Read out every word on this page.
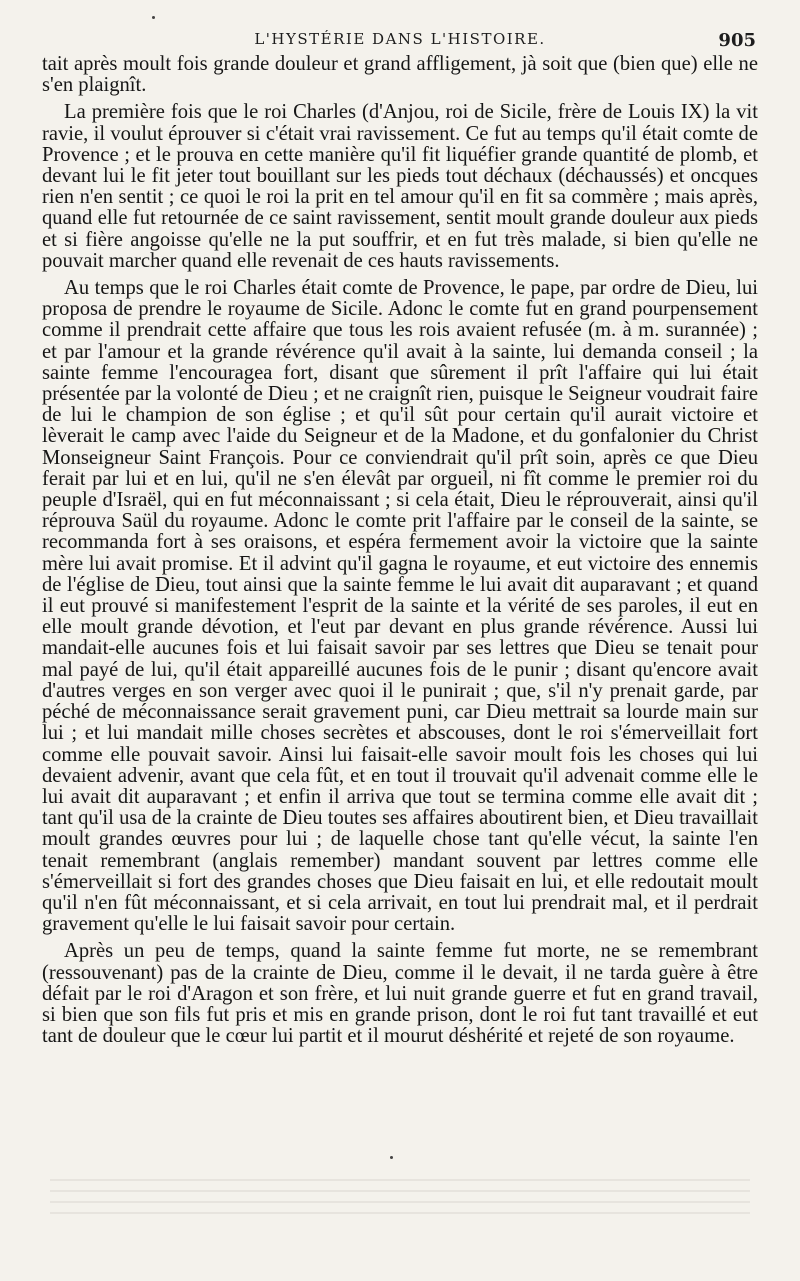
L'HYSTÉRIE DANS L'HISTOIRE.	905

tait après moult fois grande douleur et grand affligement, jà soit que (bien que) elle ne s'en plaignît.

La première fois que le roi Charles (d'Anjou, roi de Sicile, frère de Louis IX) la vit ravie, il voulut éprouver si c'était vrai ravissement. Ce fut au temps qu'il était comte de Provence ; et le prouva en cette manière qu'il fit liquéfier grande quantité de plomb, et devant lui le fit jeter tout bouillant sur les pieds tout déchaux (déchaussés) et oncques rien n'en sentit ; ce quoi le roi la prit en tel amour qu'il en fit sa commère ; mais après, quand elle fut retournée de ce saint ravissement, sentit moult grande douleur aux pieds et si fière angoisse qu'elle ne la put souffrir, et en fut très malade, si bien qu'elle ne pouvait marcher quand elle revenait de ces hauts ravissements.

Au temps que le roi Charles était comte de Provence, le pape, par ordre de Dieu, lui proposa de prendre le royaume de Sicile. Adonc le comte fut en grand pourpensement comme il prendrait cette affaire que tous les rois avaient refusée (m. à m. surannée) ; et par l'amour et la grande révérence qu'il avait à la sainte, lui demanda conseil ; la sainte femme l'encouragea fort, disant que sûrement il prît l'affaire qui lui était présentée par la volonté de Dieu ; et ne craignît rien, puisque le Seigneur voudrait faire de lui le champion de son église ; et qu'il sût pour certain qu'il aurait victoire et lèverait le camp avec l'aide du Seigneur et de la Madone, et du gonfalonier du Christ Monseigneur Saint François. Pour ce conviendrait qu'il prît soin, après ce que Dieu ferait par lui et en lui, qu'il ne s'en élevât par orgueil, ni fît comme le premier roi du peuple d'Israël, qui en fut méconnaissant ; si cela était, Dieu le réprouverait, ainsi qu'il réprouva Saül du royaume. Adonc le comte prit l'affaire par le conseil de la sainte, se recommanda fort à ses oraisons, et espéra fermement avoir la victoire que la sainte mère lui avait promise. Et il advint qu'il gagna le royaume, et eut victoire des ennemis de l'église de Dieu, tout ainsi que la sainte femme le lui avait dit auparavant ; et quand il eut prouvé si manifestement l'esprit de la sainte et la vérité de ses paroles, il eut en elle moult grande dévotion, et l'eut par devant en plus grande révérence. Aussi lui mandait-elle aucunes fois et lui faisait savoir par ses lettres que Dieu se tenait pour mal payé de lui, qu'il était appareillé aucunes fois de le punir ; disant qu'encore avait d'autres verges en son verger avec quoi il le punirait ; que, s'il n'y prenait garde, par péché de méconnaissance serait gravement puni, car Dieu mettrait sa lourde main sur lui ; et lui mandait mille choses secrètes et abscouses, dont le roi s'émerveillait fort comme elle pouvait savoir. Ainsi lui faisait-elle savoir moult fois les choses qui lui devaient advenir, avant que cela fût, et en tout il trouvait qu'il advenait comme elle le lui avait dit auparavant ; et enfin il arriva que tout se termina comme elle avait dit ; tant qu'il usa de la crainte de Dieu toutes ses affaires aboutirent bien, et Dieu travaillait moult grandes œuvres pour lui ; de laquelle chose tant qu'elle vécut, la sainte l'en tenait remembrant (anglais remember) mandant souvent par lettres comme elle s'émerveillait si fort des grandes choses que Dieu faisait en lui, et elle redoutait moult qu'il n'en fût méconnaissant, et si cela arrivait, en tout lui prendrait mal, et il perdrait gravement qu'elle le lui faisait savoir pour certain.

Après un peu de temps, quand la sainte femme fut morte, ne se remembrant (ressouvenant) pas de la crainte de Dieu, comme il le devait, il ne tarda guère à être défait par le roi d'Aragon et son frère, et lui nuit grande guerre et fut en grand travail, si bien que son fils fut pris et mis en grande prison, dont le roi fut tant travaillé et eut tant de douleur que le cœur lui partit et il mourut déshérité et rejeté de son royaume.
